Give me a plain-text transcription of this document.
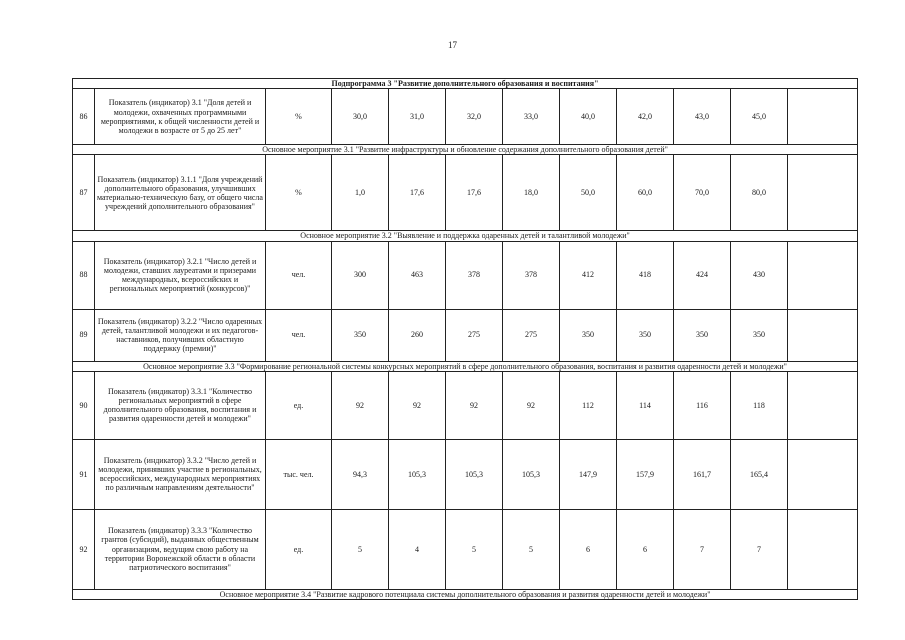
17
Подпрограмма 3 "Развитие дополнительного образования и воспитания"											
86	Показатель (индикатор) 3.1 "Доля детей и молодежи, охваченных программными мероприятиями, к общей численности детей и молодежи в возрасте от 5 до 25 лет"	%	30,0	31,0	32,0	33,0	40,0	42,0	43,0	45,0	
Основное мероприятие 3.1 "Развитие инфраструктуры и обновление содержания дополнительного образования детей"											
87	Показатель (индикатор) 3.1.1 "Доля учреждений дополнительного образования, улучшивших материально-техническую базу, от общего числа учреждений дополнительного образования"	%	1,0	17,6	17,6	18,0	50,0	60,0	70,0	80,0	
Основное мероприятие 3.2 "Выявление и поддержка одаренных детей и талантливой молодежи"											
88	Показатель (индикатор) 3.2.1 "Число детей и молодежи, ставших лауреатами и призерами международных, всероссийских и региональных мероприятий (конкурсов)"	чел.	300	463	378	378	412	418	424	430	
89	Показатель (индикатор) 3.2.2 "Число одаренных детей, талантливой молодежи и их педагогов-наставников, получивших областную поддержку (премии)"	чел.	350	260	275	275	350	350	350	350	
Основное мероприятие 3.3 "Формирование региональной системы конкурсных мероприятий в сфере дополнительного образования, воспитания и развития одаренности детей и молодежи"											
90	Показатель (индикатор) 3.3.1 "Количество региональных мероприятий в сфере дополнительного образования, воспитания и развития одаренности детей и молодежи"	ед.	92	92	92	92	112	114	116	118	
91	Показатель (индикатор) 3.3.2 "Число детей и молодежи, принявших участие в региональных, всероссийских, международных мероприятиях по различным направлениям деятельности"	тыс. чел.	94,3	105,3	105,3	105,3	147,9	157,9	161,7	165,4	
92	Показатель (индикатор) 3.3.3 "Количество грантов (субсидий), выданных общественным организациям, ведущим свою работу на территории Воронежской области в области патриотического воспитания"	ед.	5	4	5	5	6	6	7	7	
Основное мероприятие 3.4 "Развитие кадрового потенциала системы дополнительного образования и развития одаренности детей и молодежи"											
